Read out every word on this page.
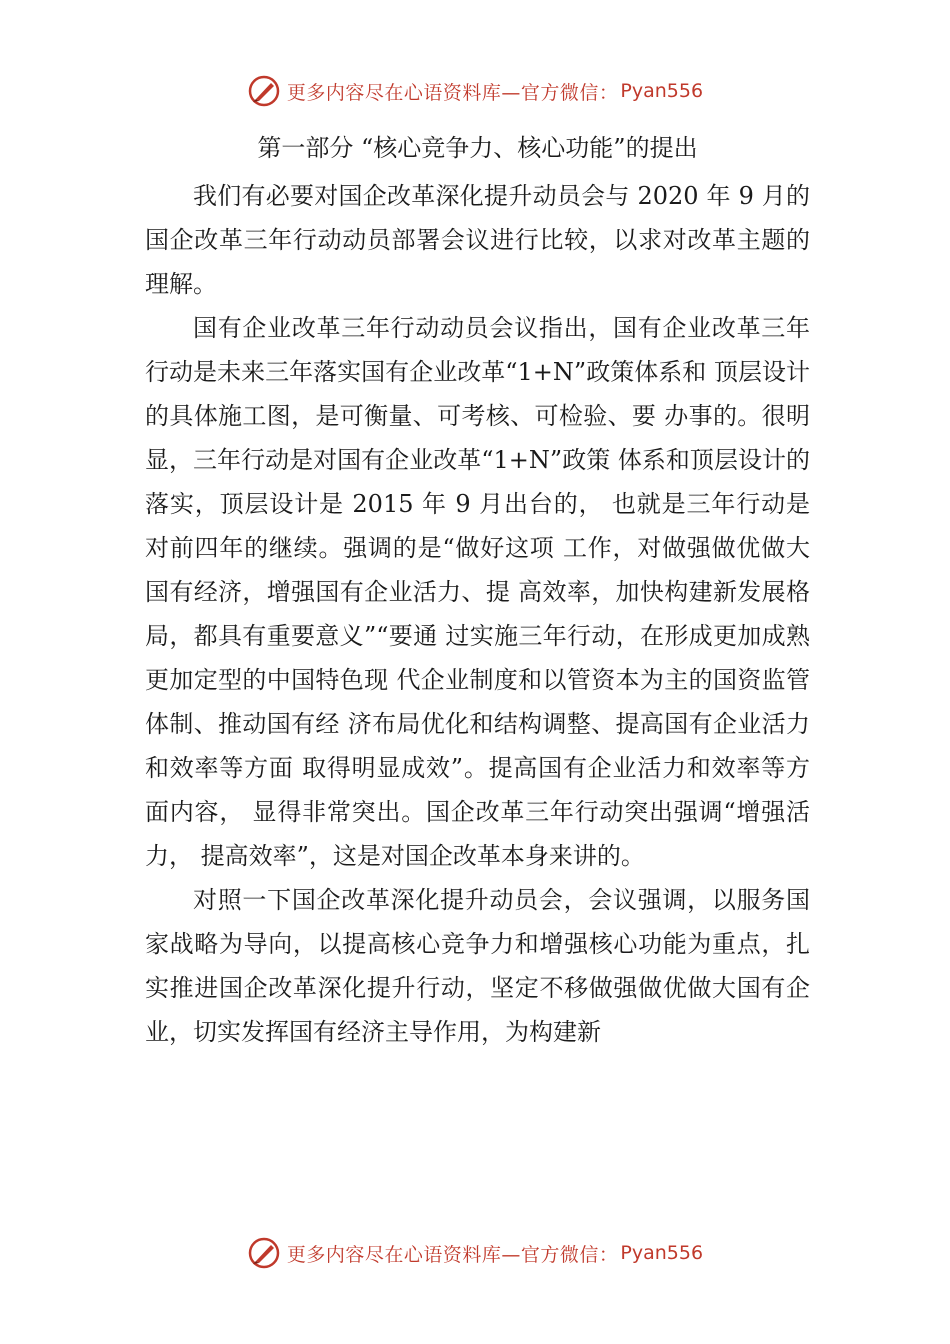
更多内容尽在心语资料库—官方微信： Pyan556
第一部分 “核心竞争力、核心功能”的提出

我们有必要对国企改革深化提升动员会与 2020 年 9 月的国企改革三年行动动员部署会议进行比较，以求对改革主题的理解。

国有企业改革三年行动动员会议指出，国有企业改革三年行动是未来三年落实国有企业改革“1+N”政策体系和 顶层设计的具体施工图，是可衡量、可考核、可检验、要 办事的。很明显，三年行动是对国有企业改革“1+N”政策 体系和顶层设计的落实，顶层设计是 2015 年 9 月出台的， 也就是三年行动是对前四年的继续。强调的是“做好这项 工作，对做强做优做大国有经济，增强国有企业活力、提 高效率，加快构建新发展格局，都具有重要意义”“要通 过实施三年行动，在形成更加成熟更加定型的中国特色现 代企业制度和以管资本为主的国资监管体制、推动国有经 济布局优化和结构调整、提高国有企业活力和效率等方面 取得明显成效”。提高国有企业活力和效率等方面内容， 显得非常突出。国企改革三年行动突出强调“增强活力， 提高效率”，这是对国企改革本身来讲的。

对照一下国企改革深化提升动员会，会议强调，以服务国家战略为导向，以提高核心竞争力和增强核心功能为重点，扎实推进国企改革深化提升行动，坚定不移做强做优做大国有企业，切实发挥国有经济主导作用，为构建新

更多内容尽在心语资料库—官方微信： Pyan556
